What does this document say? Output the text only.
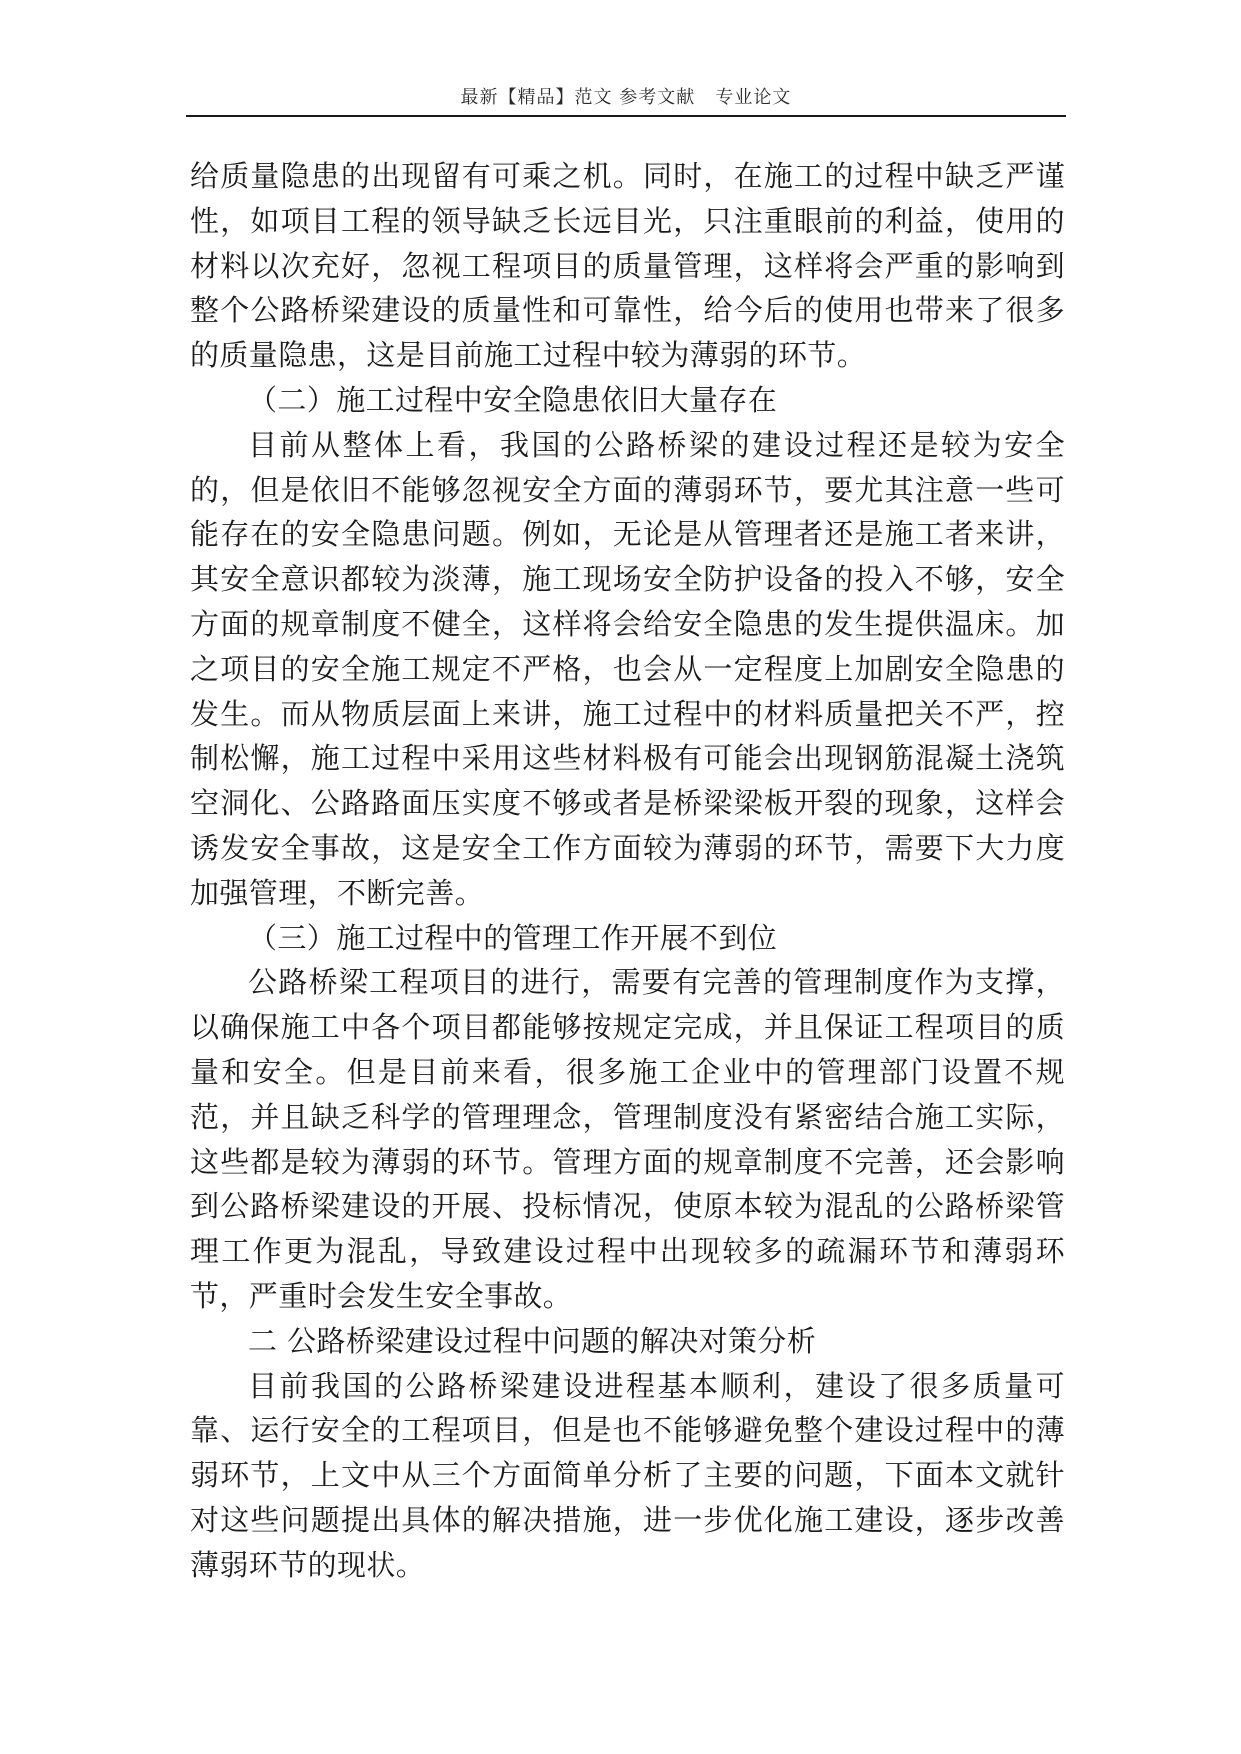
最新【精品】范文 参考文献   专业论文

给质量隐患的出现留有可乘之机。同时，在施工的过程中缺乏严谨性，如项目工程的领导缺乏长远目光，只注重眼前的利益，使用的材料以次充好，忽视工程项目的质量管理，这样将会严重的影响到整个公路桥梁建设的质量性和可靠性，给今后的使用也带来了很多的质量隐患，这是目前施工过程中较为薄弱的环节。

（二）施工过程中安全隐患依旧大量存在

目前从整体上看，我国的公路桥梁的建设过程还是较为安全的，但是依旧不能够忽视安全方面的薄弱环节，要尤其注意一些可能存在的安全隐患问题。例如，无论是从管理者还是施工者来讲，其安全意识都较为淡薄，施工现场安全防护设备的投入不够，安全方面的规章制度不健全，这样将会给安全隐患的发生提供温床。加之项目的安全施工规定不严格，也会从一定程度上加剧安全隐患的发生。而从物质层面上来讲，施工过程中的材料质量把关不严，控制松懈，施工过程中采用这些材料极有可能会出现钢筋混凝土浇筑空洞化、公路路面压实度不够或者是桥梁梁板开裂的现象，这样会诱发安全事故，这是安全工作方面较为薄弱的环节，需要下大力度加强管理，不断完善。

（三）施工过程中的管理工作开展不到位

公路桥梁工程项目的进行，需要有完善的管理制度作为支撑，以确保施工中各个项目都能够按规定完成，并且保证工程项目的质量和安全。但是目前来看，很多施工企业中的管理部门设置不规范，并且缺乏科学的管理理念，管理制度没有紧密结合施工实际，这些都是较为薄弱的环节。管理方面的规章制度不完善，还会影响到公路桥梁建设的开展、投标情况，使原本较为混乱的公路桥梁管理工作更为混乱，导致建设过程中出现较多的疏漏环节和薄弱环节，严重时会发生安全事故。

二 公路桥梁建设过程中问题的解决对策分析

目前我国的公路桥梁建设进程基本顺利，建设了很多质量可靠、运行安全的工程项目，但是也不能够避免整个建设过程中的薄弱环节，上文中从三个方面简单分析了主要的问题，下面本文就针对这些问题提出具体的解决措施，进一步优化施工建设，逐步改善薄弱环节的现状。
